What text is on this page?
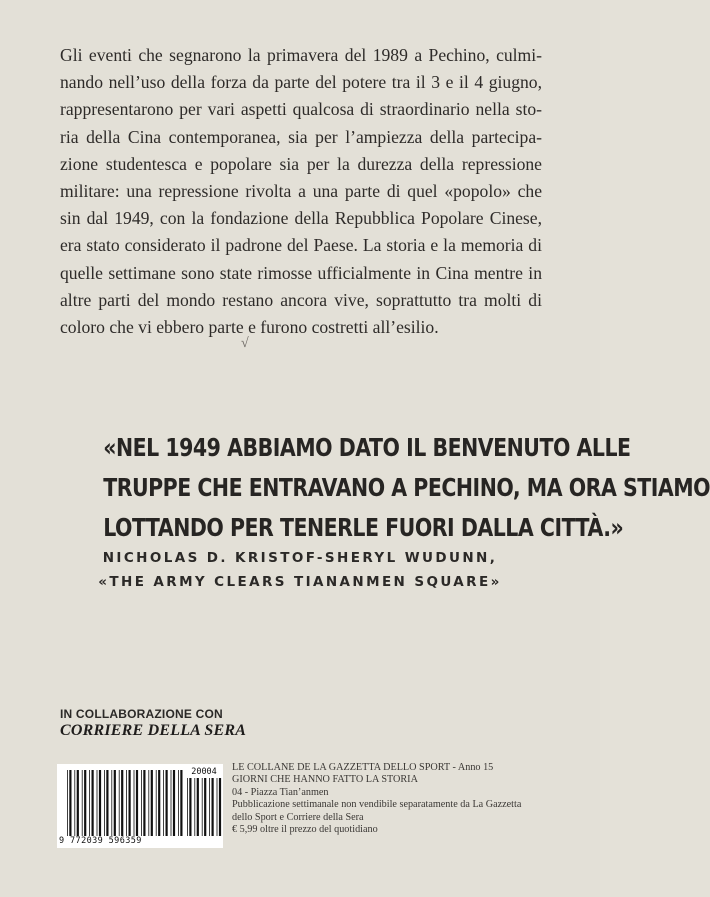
Gli eventi che segnarono la primavera del 1989 a Pechino, culmi-
nando nell’uso della forza da parte del potere tra il 3 e il 4 giugno,
rappresentarono per vari aspetti qualcosa di straordinario nella sto-
ria della Cina contemporanea, sia per l’ampiezza della partecipa-
zione studentesca e popolare sia per la durezza della repressione
militare: una repressione rivolta a una parte di quel «popolo» che
sin dal 1949, con la fondazione della Repubblica Popolare Cinese,
era stato considerato il padrone del Paese. La storia e la memoria di
quelle settimane sono state rimosse ufficialmente in Cina mentre in
altre parti del mondo restano ancora vive, soprattutto tra molti di
coloro che vi ebbero parte e furono costretti all’esilio.

√
«NEL 1949 ABBIAMO DATO IL BENVENUTO ALLE
TRUPPE CHE ENTRAVANO A PECHINO, MA ORA STIAMO
LOTTANDO PER TENERLE FUORI DALLA CITTÀ.»
NICHOLAS D. KRISTOF-SHERYL WUDUNN,
«THE ARMY CLEARS TIANANMEN SQUARE»
IN COLLABORAZIONE CON
CORRIERE DELLA SERA
20004
9 772039 596359
LE COLLANE DE LA GAZZETTA DELLO SPORT - Anno 15
GIORNI CHE HANNO FATTO LA STORIA
04 - Piazza Tian’anmen
Pubblicazione settimanale non vendibile separatamente da La Gazzetta
dello Sport e Corriere della Sera
€ 5,99 oltre il prezzo del quotidiano
